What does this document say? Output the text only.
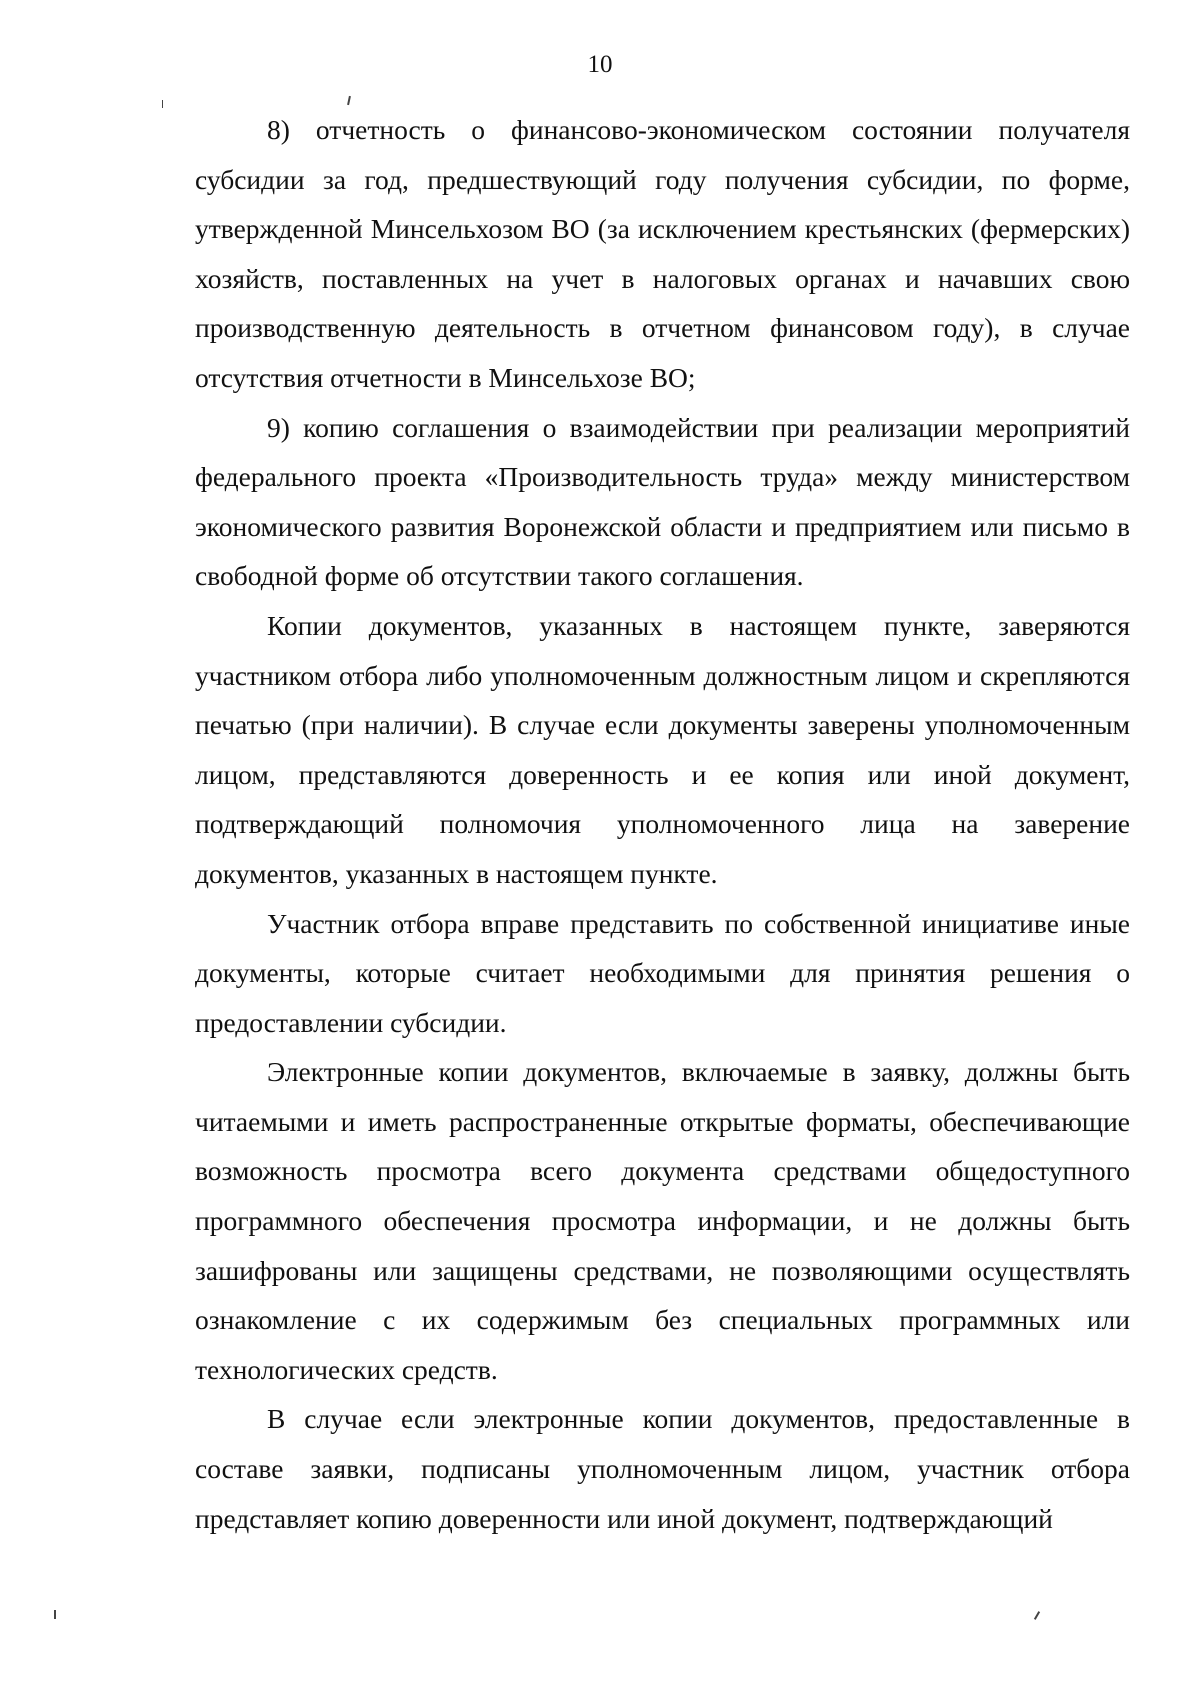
10

8) отчетность о финансово-экономическом состоянии получателя субсидии за год, предшествующий году получения субсидии, по форме, утвержденной Минсельхозом ВО (за исключением крестьянских (фермерских) хозяйств, поставленных на учет в налоговых органах и начавших свою производственную деятельность в отчетном финансовом году), в случае отсутствия отчетности в Минсельхозе ВО;

9) копию соглашения о взаимодействии при реализации мероприятий федерального проекта «Производительность труда» между министерством экономического развития Воронежской области и предприятием или письмо в свободной форме об отсутствии такого соглашения.

Копии документов, указанных в настоящем пункте, заверяются участником отбора либо уполномоченным должностным лицом и скрепляются печатью (при наличии). В случае если документы заверены уполномоченным лицом, представляются доверенность и ее копия или иной документ, подтверждающий полномочия уполномоченного лица на заверение документов, указанных в настоящем пункте.

Участник отбора вправе представить по собственной инициативе иные документы, которые считает необходимыми для принятия решения о предоставлении субсидии.

Электронные копии документов, включаемые в заявку, должны быть читаемыми и иметь распространенные открытые форматы, обеспечивающие возможность просмотра всего документа средствами общедоступного программного обеспечения просмотра информации, и не должны быть зашифрованы или защищены средствами, не позволяющими осуществлять ознакомление с их содержимым без специальных программных или технологических средств.

В случае если электронные копии документов, предоставленные в составе заявки, подписаны уполномоченным лицом, участник отбора представляет копию доверенности или иной документ, подтверждающий
